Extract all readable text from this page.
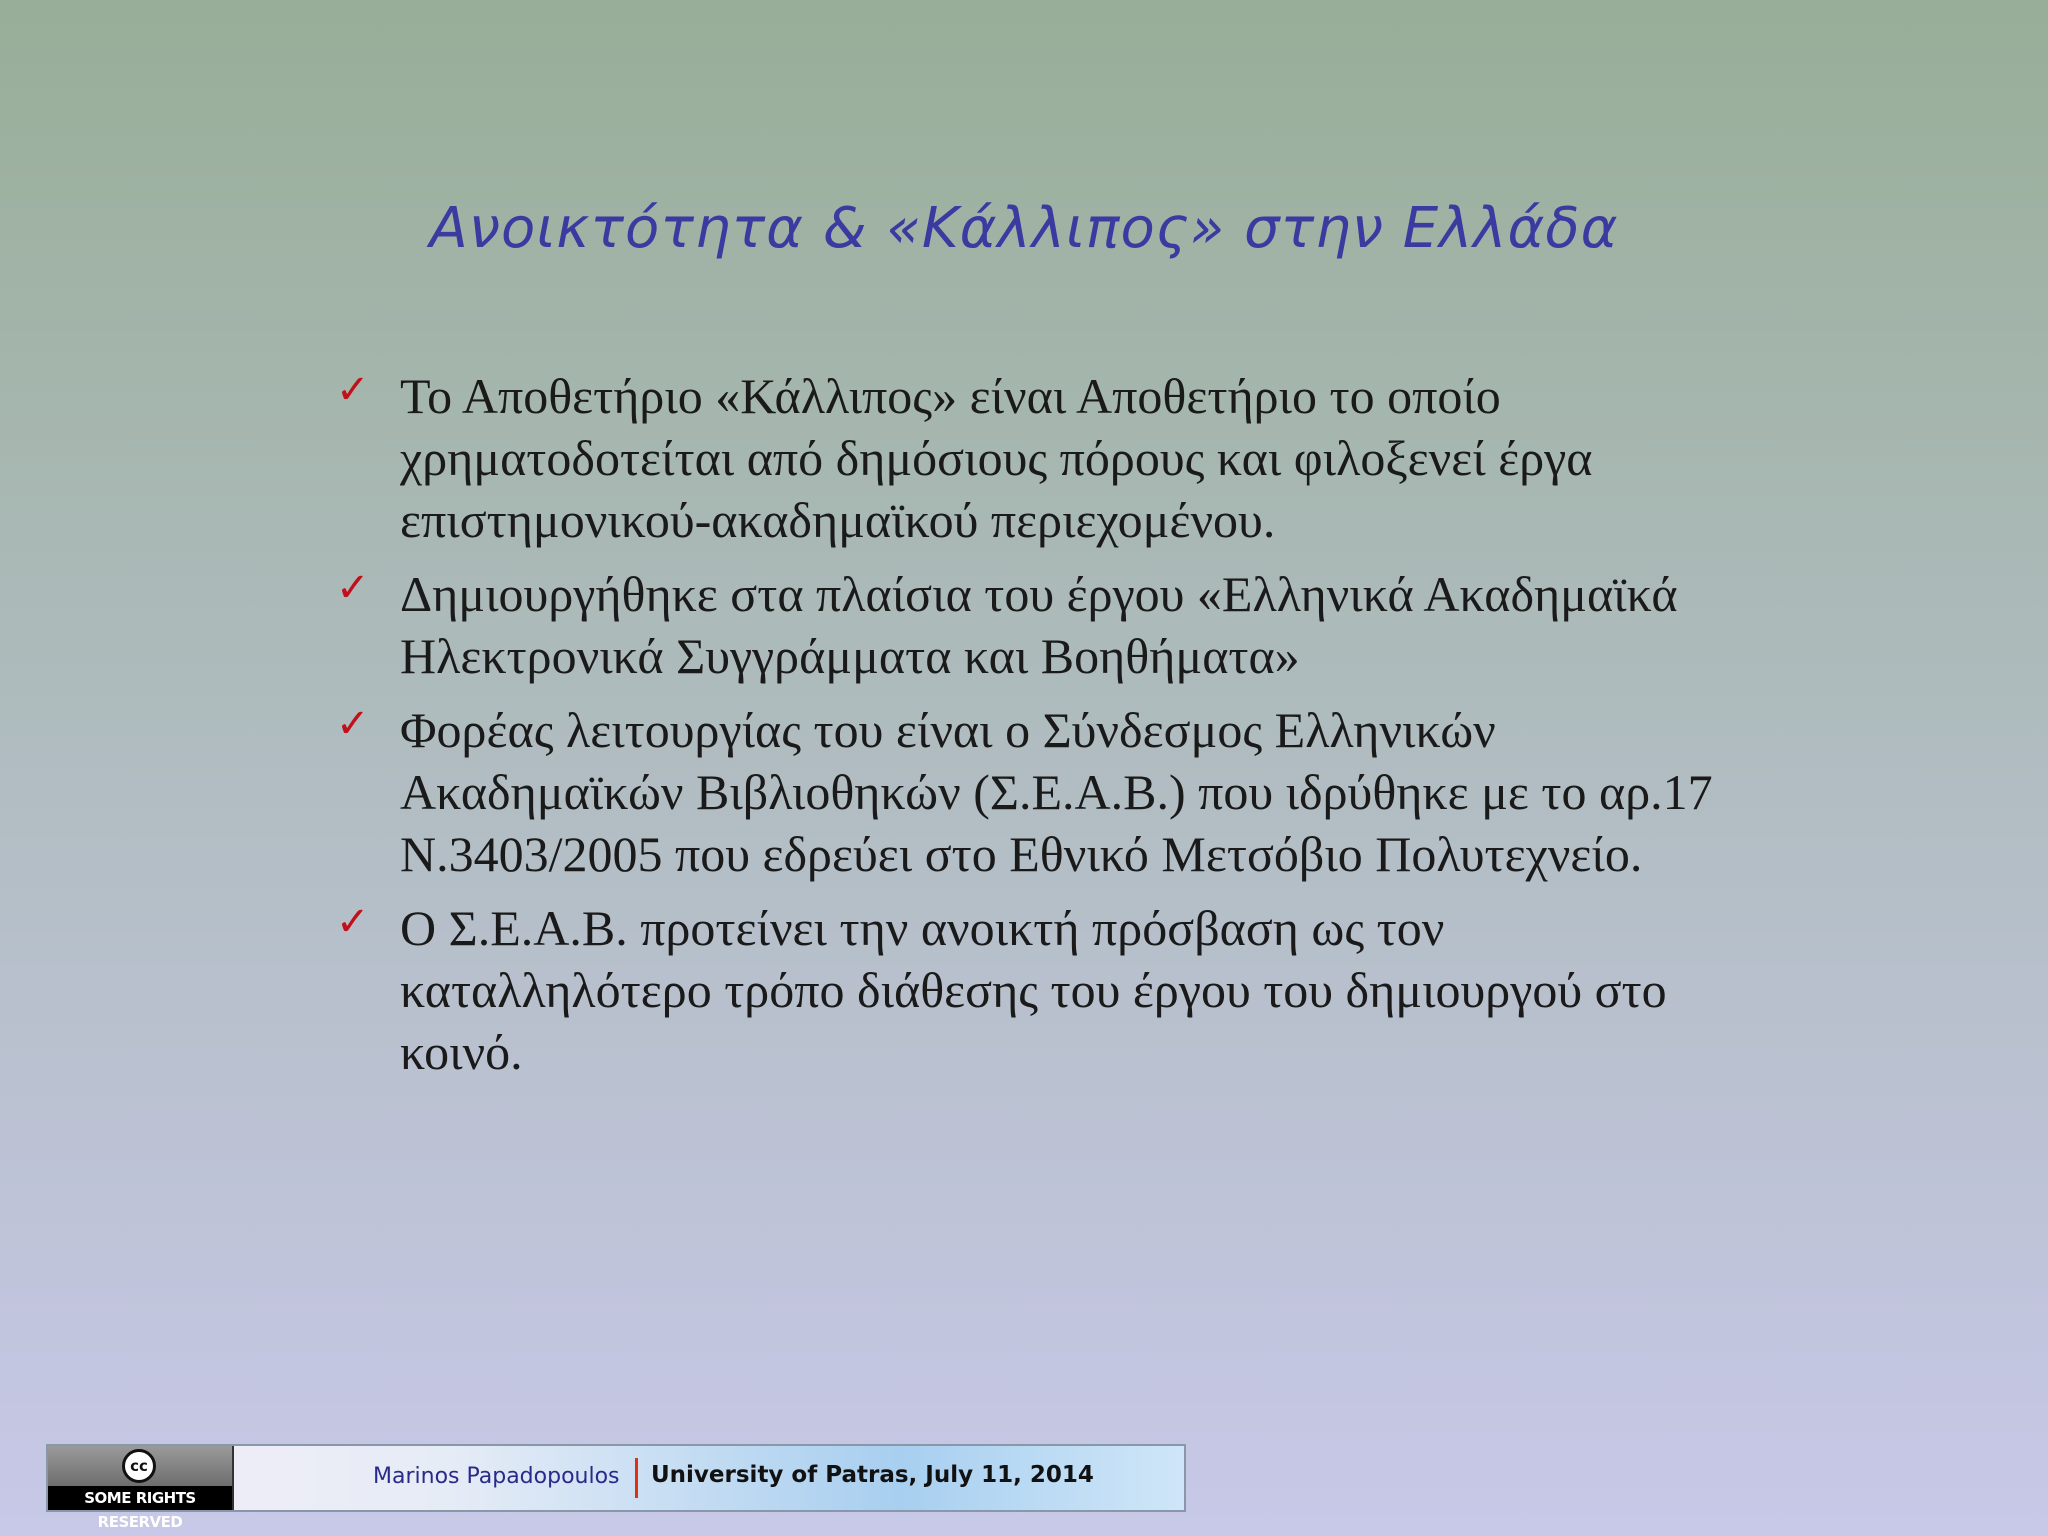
Ανοικτότητα & «Κάλλιπος» στην Ελλάδα
✓ Το Αποθετήριο «Κάλλιπος» είναι Αποθετήριο το οποίο χρηματοδοτείται από δημόσιους πόρους και φιλοξενεί έργα επιστημονικού-ακαδημαϊκού περιεχομένου.
✓ Δημιουργήθηκε στα πλαίσια του έργου «Ελληνικά Ακαδημαϊκά Ηλεκτρονικά Συγγράμματα και Βοηθήματα»
✓ Φορέας λειτουργίας του είναι ο Σύνδεσμος Ελληνικών Ακαδημαϊκών Βιβλιοθηκών (Σ.Ε.Α.Β.) που ιδρύθηκε με το αρ.17 Ν.3403/2005 που εδρεύει στο Εθνικό Μετσόβιο Πολυτεχνείο.
✓ Ο Σ.Ε.Α.Β. προτείνει την ανοικτή πρόσβαση ως τον καταλληλότερο τρόπο διάθεσης του έργου του δημιουργού στο κοινό.
cc
SOME RIGHTS RESERVED
Marinos Papadopoulos University of Patras, July 11, 2014
